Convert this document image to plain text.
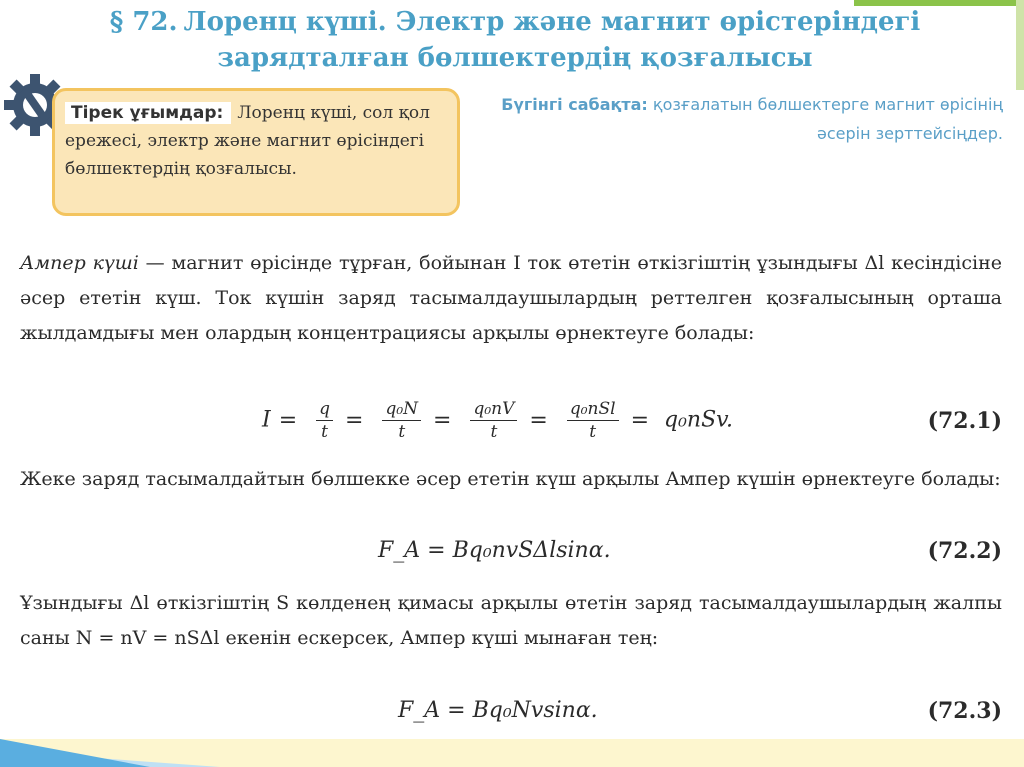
§ 72. Лоренц күші. Электр және магнит өрістеріндегі зарядталған бөлшектердің қозғалысы
Тірек ұғымдар: Лоренц күші, сол қол ережесі, электр және магнит өрісіндегі бөлшектердің қозғалысы.
Бүгінгі сабақта: қозғалатын бөлшектерге магнит өрісінің әсерін зерттейсіңдер.
Ампер күші — магнит өрісінде тұрған, бойынан I ток өтетін өткізгіштің ұзындығы Δl кесіндісіне әсер ететін күш. Ток күшін заряд тасымалдаушылардың реттелген қозғалысының орташа жылдамдығы мен олардың концентрациясы арқылы өрнектеуге болады:
$I = \frac{q}{t} = \frac{\text{q₀N}}{t} = \frac{\text{q₀nV}}{t} = \frac{\text{q₀nSl}}{t} = q_0nSv$.	(72.1)
Жеке заряд тасымалдайтын бөлшекке әсер ететін күш арқылы Ампер күшін өрнектеуге болады:
F_A = Bq₀nvSΔlsinα.	(72.2)
Ұзындығы Δl өткізгіштің S көлденең қимасы арқылы өтетін заряд тасымалдаушылардың жалпы саны N = nV = nSΔl екенін ескерсек, Ампер күші мынаған тең:
F_A = Bq₀Nvsinα.	(72.3)
